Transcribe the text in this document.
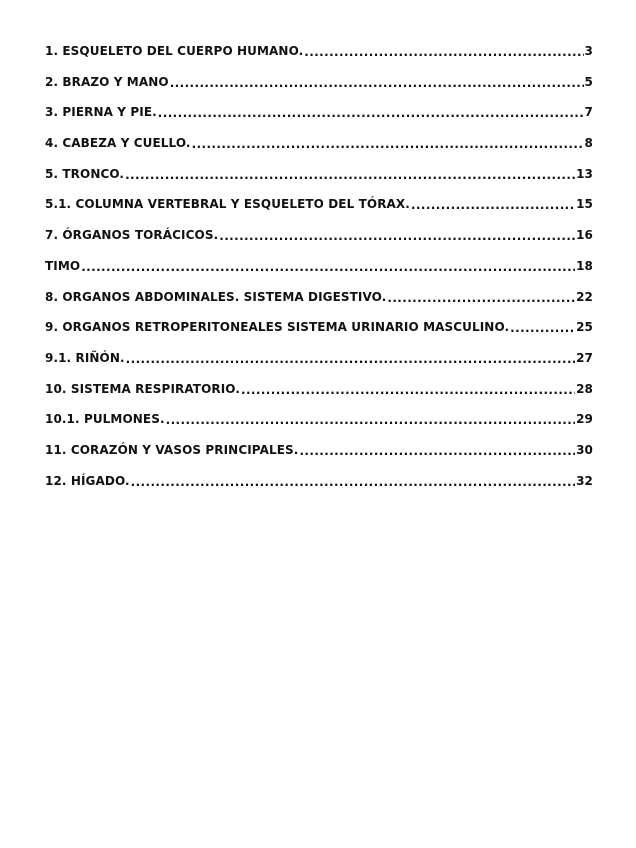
1. ESQUELETO DEL CUERPO HUMANO. .....	3
2. BRAZO Y MANO .....	5
3. PIERNA Y PIE. .....	7
4. CABEZA Y CUELLO. .....	8
5. TRONCO. .....	13
5.1. COLUMNA VERTEBRAL Y ESQUELETO DEL TÓRAX. .....	15
7. ÓRGANOS TORÁCICOS. .....	16
TIMO .....	18
8. ORGANOS ABDOMINALES. SISTEMA DIGESTIVO. .....	22
9. ORGANOS RETROPERITONEALES SISTEMA URINARIO MASCULINO. .....	25
9.1. RIÑÓN. .....	27
10. SISTEMA RESPIRATORIO. .....	28
10.1. PULMONES. .....	29
11. CORAZÓN Y VASOS PRINCIPALES. .....	30
12. HÍGADO. .....	32
